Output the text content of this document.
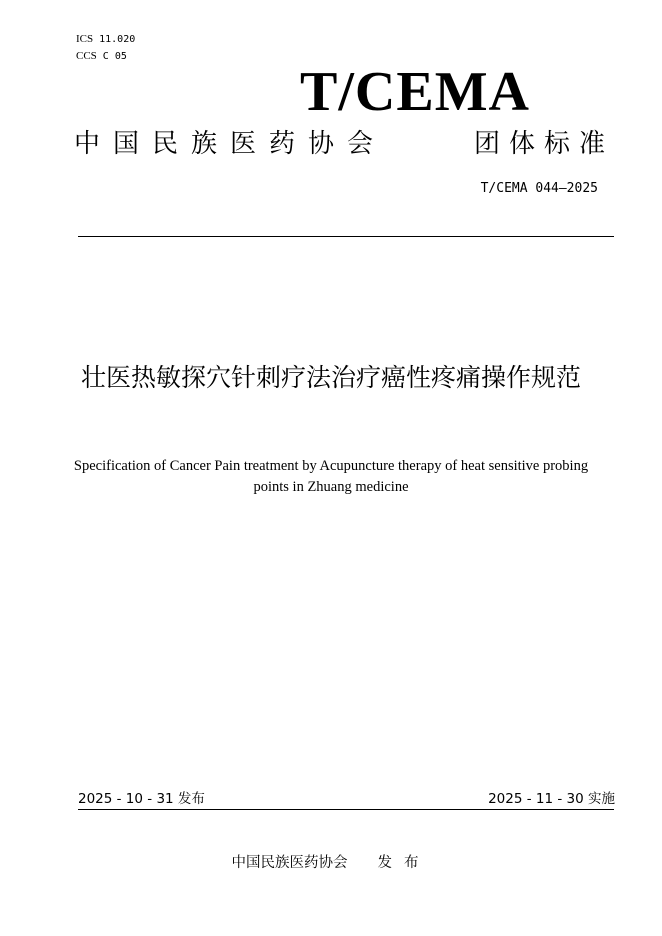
ICS 11.020
CCS C 05
T/CEMA
中国民族医药协会	团体标准
T/CEMA 044—2025
壮医热敏探穴针刺疗法治疗癌性疼痛操作规范
Specification of Cancer Pain treatment by Acupuncture therapy of heat sensitive probing points in Zhuang medicine
2025 - 10 - 31 发布	2025 - 11 - 30 实施
中国民族医药协会 发布
